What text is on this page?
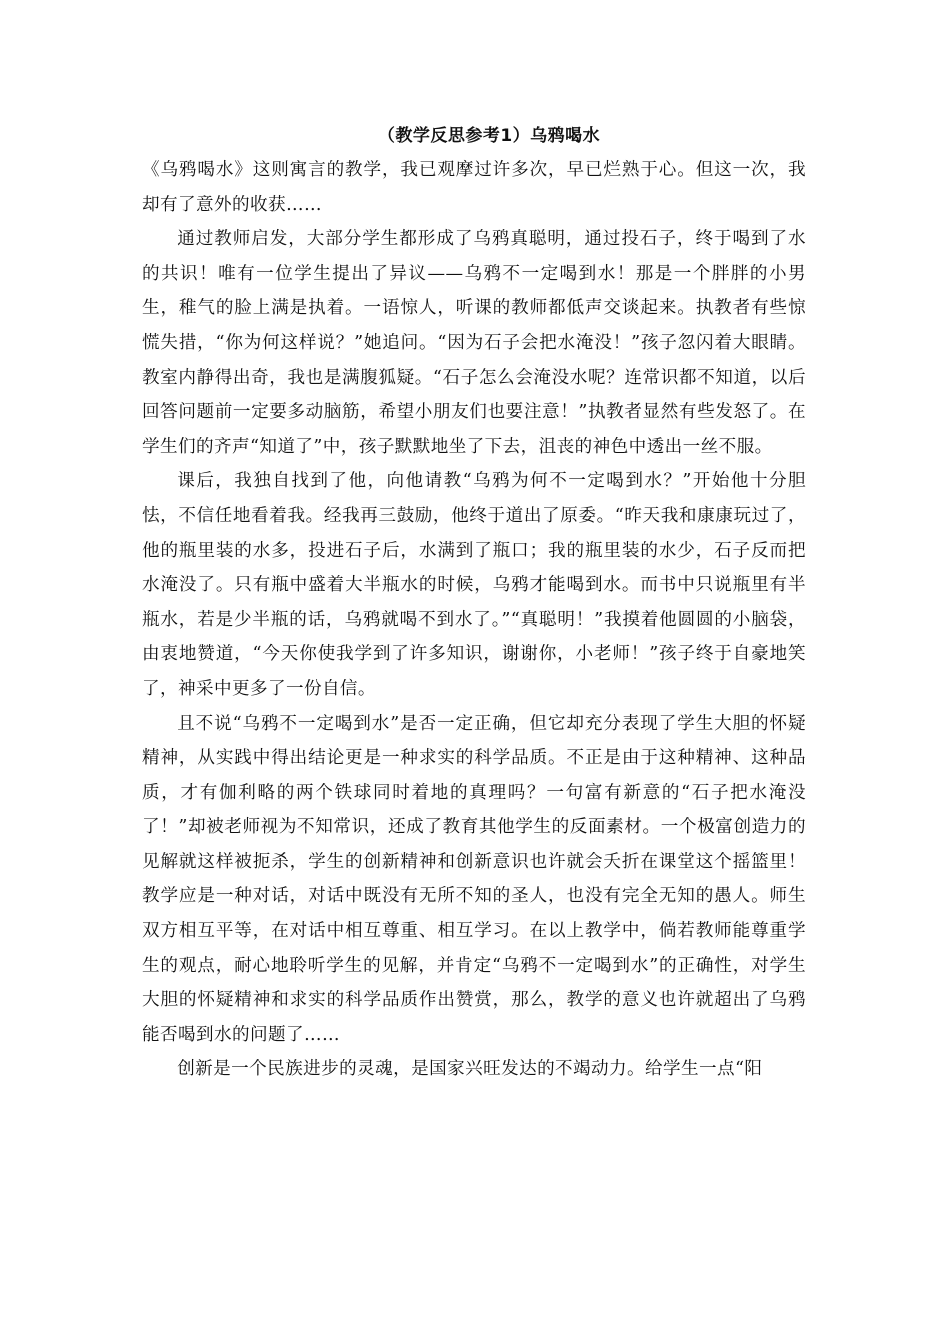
（教学反思参考1）乌鸦喝水

《乌鸦喝水》这则寓言的教学，我已观摩过许多次，早已烂熟于心。但这一次，我却有了意外的收获……

通过教师启发，大部分学生都形成了乌鸦真聪明，通过投石子，终于喝到了水的共识！唯有一位学生提出了异议——乌鸦不一定喝到水！那是一个胖胖的小男生，稚气的脸上满是执着。一语惊人，听课的教师都低声交谈起来。执教者有些惊慌失措，“你为何这样说？”她追问。“因为石子会把水淹没！”孩子忽闪着大眼睛。教室内静得出奇，我也是满腹狐疑。“石子怎么会淹没水呢？连常识都不知道，以后回答问题前一定要多动脑筋，希望小朋友们也要注意！”执教者显然有些发怒了。在学生们的齐声“知道了”中，孩子默默地坐了下去，沮丧的神色中透出一丝不服。

课后，我独自找到了他，向他请教“乌鸦为何不一定喝到水？”开始他十分胆怯，不信任地看着我。经我再三鼓励，他终于道出了原委。“昨天我和康康玩过了，他的瓶里装的水多，投进石子后，水满到了瓶口；我的瓶里装的水少，石子反而把水淹没了。只有瓶中盛着大半瓶水的时候，乌鸦才能喝到水。而书中只说瓶里有半瓶水，若是少半瓶的话，乌鸦就喝不到水了。”“真聪明！”我摸着他圆圆的小脑袋，由衷地赞道，“今天你使我学到了许多知识，谢谢你，小老师！”孩子终于自豪地笑了，神采中更多了一份自信。

且不说“乌鸦不一定喝到水”是否一定正确，但它却充分表现了学生大胆的怀疑精神，从实践中得出结论更是一种求实的科学品质。不正是由于这种精神、这种品质，才有伽利略的两个铁球同时着地的真理吗？一句富有新意的“石子把水淹没了！”却被老师视为不知常识，还成了教育其他学生的反面素材。一个极富创造力的见解就这样被扼杀，学生的创新精神和创新意识也许就会夭折在课堂这个摇篮里！教学应是一种对话，对话中既没有无所不知的圣人，也没有完全无知的愚人。师生双方相互平等，在对话中相互尊重、相互学习。在以上教学中，倘若教师能尊重学生的观点，耐心地聆听学生的见解，并肯定“乌鸦不一定喝到水”的正确性，对学生大胆的怀疑精神和求实的科学品质作出赞赏，那么，教学的意义也许就超出了乌鸦能否喝到水的问题了……

创新是一个民族进步的灵魂，是国家兴旺发达的不竭动力。给学生一点“阳
